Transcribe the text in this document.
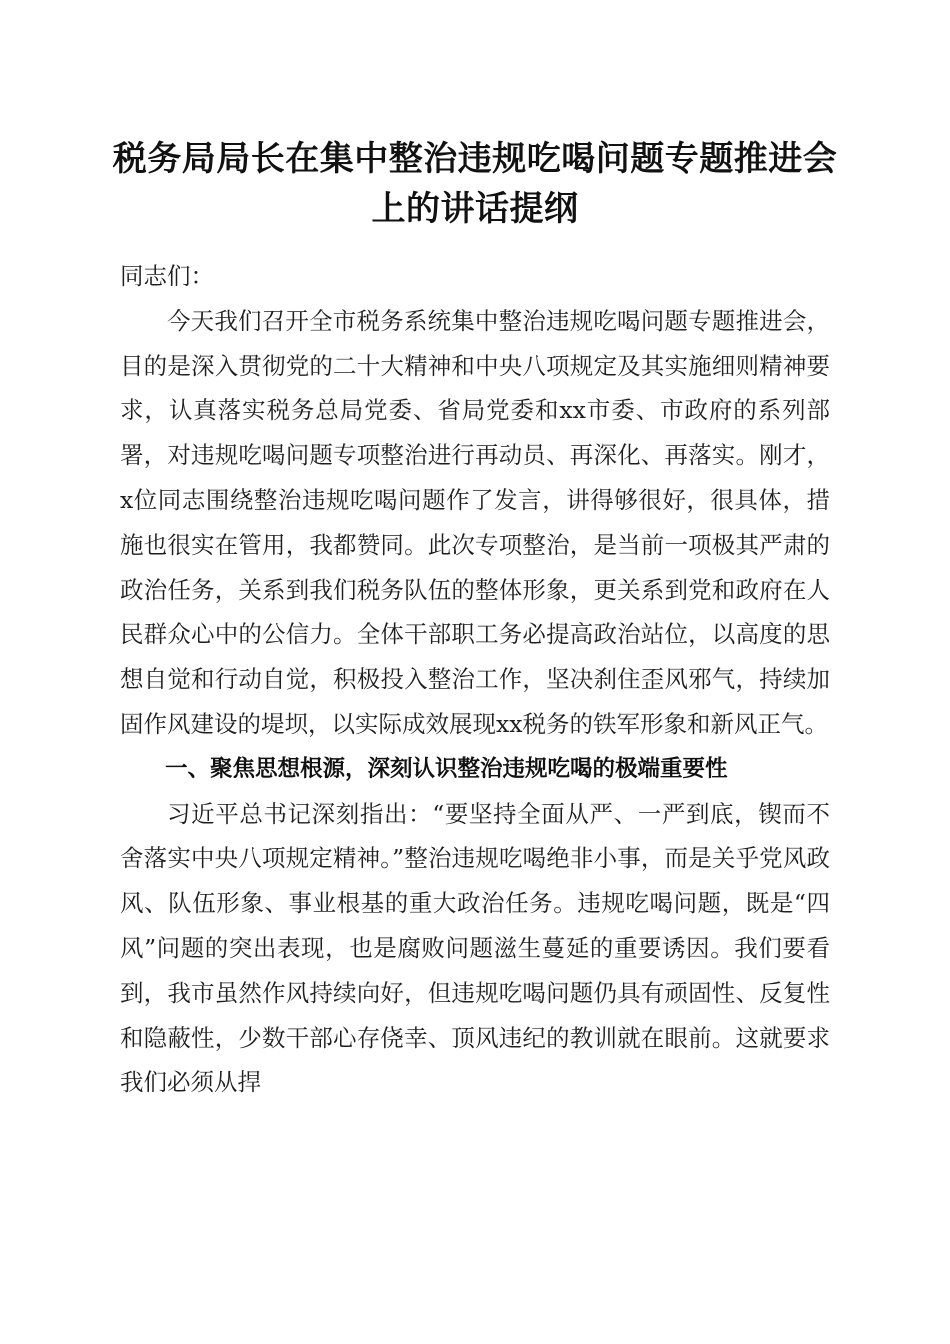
税务局局长在集中整治违规吃喝问题专题推进会上的讲话提纲

同志们：

今天我们召开全市税务系统集中整治违规吃喝问题专题推进会，目的是深入贯彻党的二十大精神和中央八项规定及其实施细则精神要求，认真落实税务总局党委、省局党委和xx市委、市政府的系列部署，对违规吃喝问题专项整治进行再动员、再深化、再落实。刚才，x位同志围绕整治违规吃喝问题作了发言，讲得够很好，很具体，措施也很实在管用，我都赞同。此次专项整治，是当前一项极其严肃的政治任务，关系到我们税务队伍的整体形象，更关系到党和政府在人民群众心中的公信力。全体干部职工务必提高政治站位，以高度的思想自觉和行动自觉，积极投入整治工作，坚决刹住歪风邪气，持续加固作风建设的堤坝，以实际成效展现xx税务的铁军形象和新风正气。

一、聚焦思想根源，深刻认识整治违规吃喝的极端重要性

习近平总书记深刻指出：“要坚持全面从严、一严到底，锲而不舍落实中央八项规定精神。”整治违规吃喝绝非小事，而是关乎党风政风、队伍形象、事业根基的重大政治任务。违规吃喝问题，既是“四风”问题的突出表现，也是腐败问题滋生蔓延的重要诱因。我们要看到，我市虽然作风持续向好，但违规吃喝问题仍具有顽固性、反复性和隐蔽性，少数干部心存侥幸、顶风违纪的教训就在眼前。这就要求我们必须从捍
